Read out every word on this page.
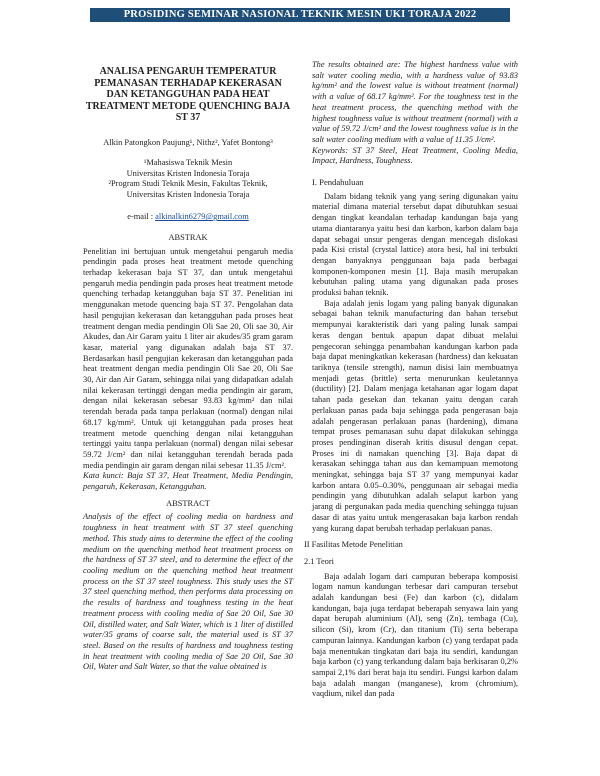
PROSIDING SEMINAR NASIONAL TEKNIK MESIN UKI TORAJA 2022
ANALISA PENGARUH TEMPERATUR PEMANASAN TERHADAP KEKERASAN DAN KETANGGUHAN PADA HEAT TREATMENT METODE QUENCHING BAJA ST 37

Alkin Patongkon Paujung¹, Nithz², Yafet Bontong³

¹Mahasiswa Teknik Mesin

Universitas Kristen Indonesia Toraja

²Program Studi Teknik Mesin, Fakultas Teknik,

Universitas Kristen Indonesia Toraja

e-mail : alkinalkin6279@gmail.com

ABSTRAK

Penelitian ini bertujuan untuk mengetahui pengaruh media pendingin pada proses heat treatment metode quenching terhadap kekerasan baja ST 37, dan untuk mengetahui pengaruh media pendingin pada proses heat treatment metode quenching terhadap ketangguhan baja ST 37. Penelitian ini menggunakan metode quencing baja ST 37. Pengolahan data hasil pengujian kekerasan dan ketangguhan pada proses heat treatment dengan media pendingin Oli Sae 20, Oli sae 30, Air Akudes, dan Air Garam yaitu 1 liter air akudes/35 gram garam kasar, material yang digunakan adalah baja ST 37. Berdasarkan hasil pengujian kekerasan dan ketangguhan pada heat treatment dengan media pendingin Oli Sae 20, Oli Sae 30, Air dan Air Garam, sehingga nilai yang didapatkan adalah nilai kekerasan tertinggi dengan media pendingin air garam, dengan nilai kekerasan sebesar 93.83 kg/mm² dan nilai terendah berada pada tanpa perlakuan (normal) dengan nilai 68.17 kg/mm². Untuk uji ketangguhan pada proses heat treatment metode quenching dengan nilai ketangguhan tertinggi yaitu tanpa perlakuan (normal) dengan nilai sebesar 59.72 J/cm² dan nilai ketangguhan terendah berada pada media pendingin air garam dengan nilai sebesar 11.35 J/cm².

Kata kunci: Baja ST 37, Heat Treatment, Media Pendingin, pengaruh, Kekerasan, Ketangguhan.

ABSTRACT

Analysis of the effect of cooling media on hardness and toughness in heat treatment with ST 37 steel quenching method. This study aims to determine the effect of the cooling medium on the quenching method heat treatment process on the hardness of ST 37 steel, and to determine the effect of the cooling medium on the quenching method heat treatment process on the ST 37 steel toughness. This study uses the ST 37 steel quenching method, then performs data processing on the results of hardness and toughness testing in the heat treatment process with cooling media of Sae 20 Oil, Sae 30 Oil, distilled water, and Salt Water, which is 1 liter of distilled water/35 grams of coarse salt, the material used is ST 37 steel. Based on the results of hardness and toughness testing in heat treatment with cooling media of Sae 20 Oil, Sae 30 Oil, Water and Salt Water, so that the value obtained is

The results obtained are: The highest hardness value with salt water cooling media, with a hardness value of 93.83 kg/mm² and the lowest value is without treatment (normal) with a value of 68.17 kg/mm². For the toughness test in the heat treatment process, the quenching method with the highest toughness value is without treatment (normal) with a value of 59.72 J/cm² and the lowest toughness value is in the salt water cooling medium with a value of 11.35 J/cm².

Keywords: ST 37 Steel, Heat Treatment, Cooling Media, Impact, Hardness, Toughness.

I. Pendahuluan

Dalam bidang teknik yang yang sering digunakan yaitu material dimana material tersebut dapat dibutuhkan sesuai dengan tingkat keandalan terhadap kandungan baja yang utama diantaranya yaitu besi dan karbon, karbon dalam baja dapat sebagai unsur pengeras dengan mencegah dislokasi pada Kisi cristal (crystal lattice) atora besi, hal ini terbukti dengan banyaknya penggunaan baja pada berbagai komponen-komponen mesin [1]. Baja masih merupakan kebutuhan paling utama yang digunakan pada proses produksi bahan teknik.

Baja adalah jenis logam yang paling banyak digunakan sebagai bahan teknik manufacturing dan bahan tersebut mempunyai karakteristik dari yang paling lunak sampai keras dengan bentuk apapun dapat dibuat melalui pengecoran sehingga penambahan kandungan karbon pada baja dapat meningkatkan kekerasan (hardness) dan kekuatan tariknya (tensile strength), namun disisi lain membuatnya menjadi getas (brittle) serta menurunkan keuletannya (ductility) [2]. Dalam menjaga ketahanan agar logam dapat tahan pada gesekan dan tekanan yaitu dengan carah perlakuan panas pada baja sehingga pada pengerasan baja adalah pengerasan perlakuan panas (hardening), dimana tempat proses pemanasan suhu dapat dilakukan sehingga proses pendinginan diserah kritis disusul dengan cepat. Proses ini di namakan quenching [3]. Baja dapat di kerasakan sehingga tahan aus dan kemampuan memotong meningkat, sehingga baja ST 37 yang mempunyai kadar karbon antara 0.05–0.30%, penggunaan air sebagai media pendingin yang dibutuhkan adalah selaput karbon yang jarang di pergunakan pada media quenching sehingga tujuan dasar di atas yaitu untuk mengerasakan baja karbon rendah yang kurang dapat berubah terhadap perlakuan panas.

II Fasilitas Metode Penelitian

2.1 Teori

Baja adalah logam dari campuran beberapa komposisi logam namun kandungan terbesar dari campuran tersebut adalah kandungan besi (Fe) dan karbon (c), didalam kandungan, baja juga terdapat beberapah senyawa lain yang dapat berupah aluminium (Al), seng (Zn), tembaga (Cu), silicon (Si), krom (Cr), dan titanium (Ti) serta beberapa campuran lainnya. Kandungan karbon (c) yang terdapat pada baja menentukan tingkatan dari baja itu sendiri, kandungan baja karbon (c) yang terkandung dalam baja berkisaran 0,2% sampai 2,1% dari berat baja itu sendiri. Fungsi karbon dalam baja adalah mangan (manganese), krom (chromium), vaqdium, nikel dan pada
